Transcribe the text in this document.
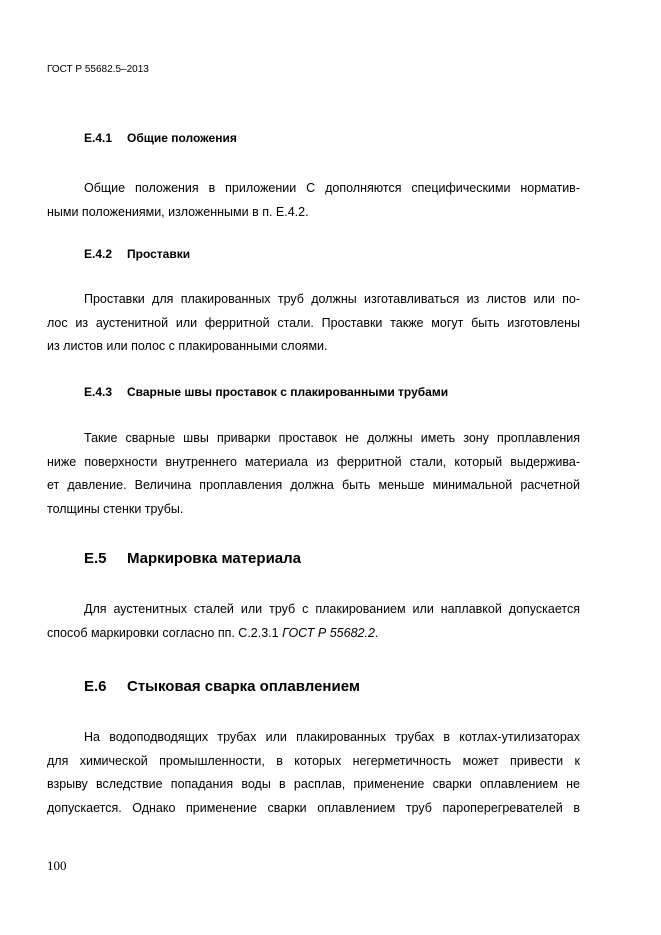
ГОСТ Р 55682.5–2013
Е.4.1 Общие положения
Общие положения в приложении С дополняются специфическими норматив-
ными положениями, изложенными в п. Е.4.2.
Е.4.2 Проставки
Проставки для плакированных труб должны изготавливаться из листов или по-
лос из аустенитной или ферритной стали. Проставки также могут быть изготовлены
из листов или полос с плакированными слоями.
Е.4.3 Сварные швы проставок с плакированными трубами
Такие сварные швы приварки проставок не должны иметь зону проплавления
ниже поверхности внутреннего материала из ферритной стали, который выдержива-
ет давление. Величина проплавления должна быть меньше минимальной расчетной
толщины стенки трубы.
Е.5 Маркировка материала
Для аустенитных сталей или труб с плакированием или наплавкой допускается
способ маркировки согласно пп. С.2.3.1 ГОСТ Р 55682.2.
Е.6 Стыковая сварка оплавлением
На водоподводящих трубах или плакированных трубах в котлах-утилизаторах
для химической промышленности, в которых негерметичность может привести к
взрыву вследствие попадания воды в расплав, применение сварки оплавлением не
допускается. Однако применение сварки оплавлением труб пароперегревателей в
100
